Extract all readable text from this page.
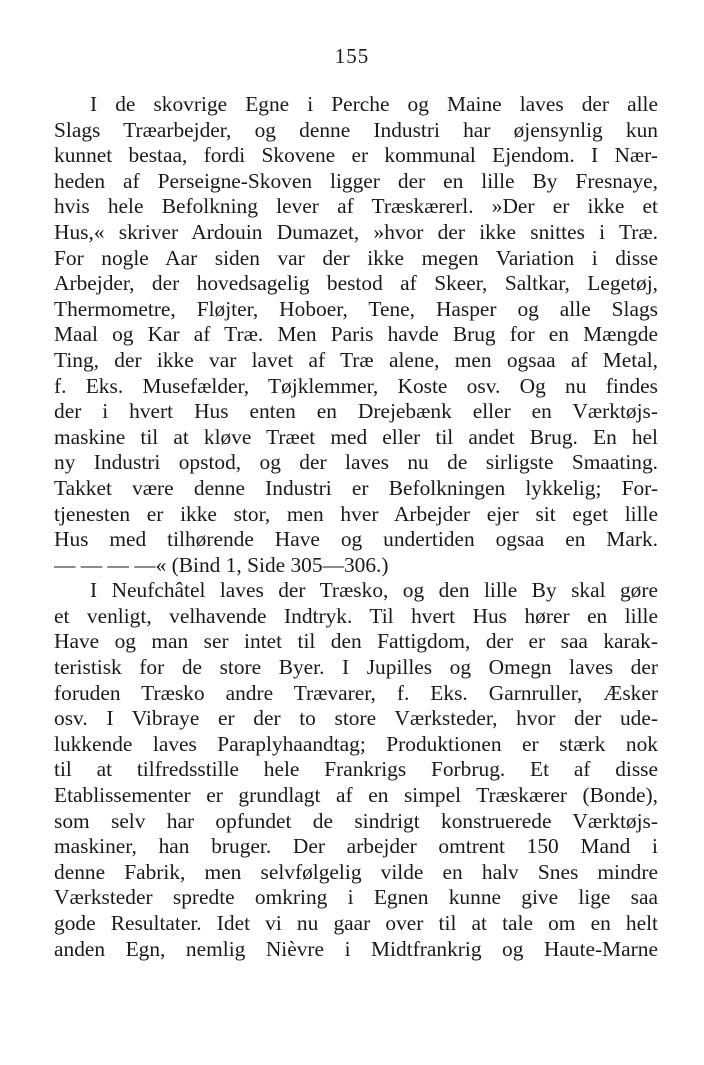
155
I de skovrige Egne i Perche og Maine laves der alle
Slags Træarbejder, og denne Industri har øjensynlig kun
kunnet bestaa, fordi Skovene er kommunal Ejendom. I Nær-
heden af Perseigne-Skoven ligger der en lille By Fresnaye,
hvis hele Befolkning lever af Træskærerl. »Der er ikke et
Hus,« skriver Ardouin Dumazet, »hvor der ikke snittes i Træ.
For nogle Aar siden var der ikke megen Variation i disse
Arbejder, der hovedsagelig bestod af Skeer, Saltkar, Legetøj,
Thermometre, Fløjter, Hoboer, Tene, Hasper og alle Slags
Maal og Kar af Træ. Men Paris havde Brug for en Mængde
Ting, der ikke var lavet af Træ alene, men ogsaa af Metal,
f. Eks. Musefælder, Tøjklemmer, Koste osv. Og nu findes
der i hvert Hus enten en Drejebænk eller en Værktøjs-
maskine til at kløve Træet med eller til andet Brug. En hel
ny Industri opstod, og der laves nu de sirligste Smaating.
Takket være denne Industri er Befolkningen lykkelig; For-
tjenesten er ikke stor, men hver Arbejder ejer sit eget lille
Hus med tilhørende Have og undertiden ogsaa en Mark.
— — — —« (Bind 1, Side 305—306.)
I Neufchâtel laves der Træsko, og den lille By skal gøre
et venligt, velhavende Indtryk. Til hvert Hus hører en lille
Have og man ser intet til den Fattigdom, der er saa karak-
teristisk for de store Byer. I Jupilles og Omegn laves der
foruden Træsko andre Trævarer, f. Eks. Garnruller, Æsker
osv. I Vibraye er der to store Værksteder, hvor der ude-
lukkende laves Paraplyhaandtag; Produktionen er stærk nok
til at tilfredsstille hele Frankrigs Forbrug. Et af disse
Etablissementer er grundlagt af en simpel Træskærer (Bonde),
som selv har opfundet de sindrigt konstruerede Værktøjs-
maskiner, han bruger. Der arbejder omtrent 150 Mand i
denne Fabrik, men selvfølgelig vilde en halv Snes mindre
Værksteder spredte omkring i Egnen kunne give lige saa
gode Resultater. Idet vi nu gaar over til at tale om en helt
anden Egn, nemlig Nièvre i Midtfrankrig og Haute-Marne
